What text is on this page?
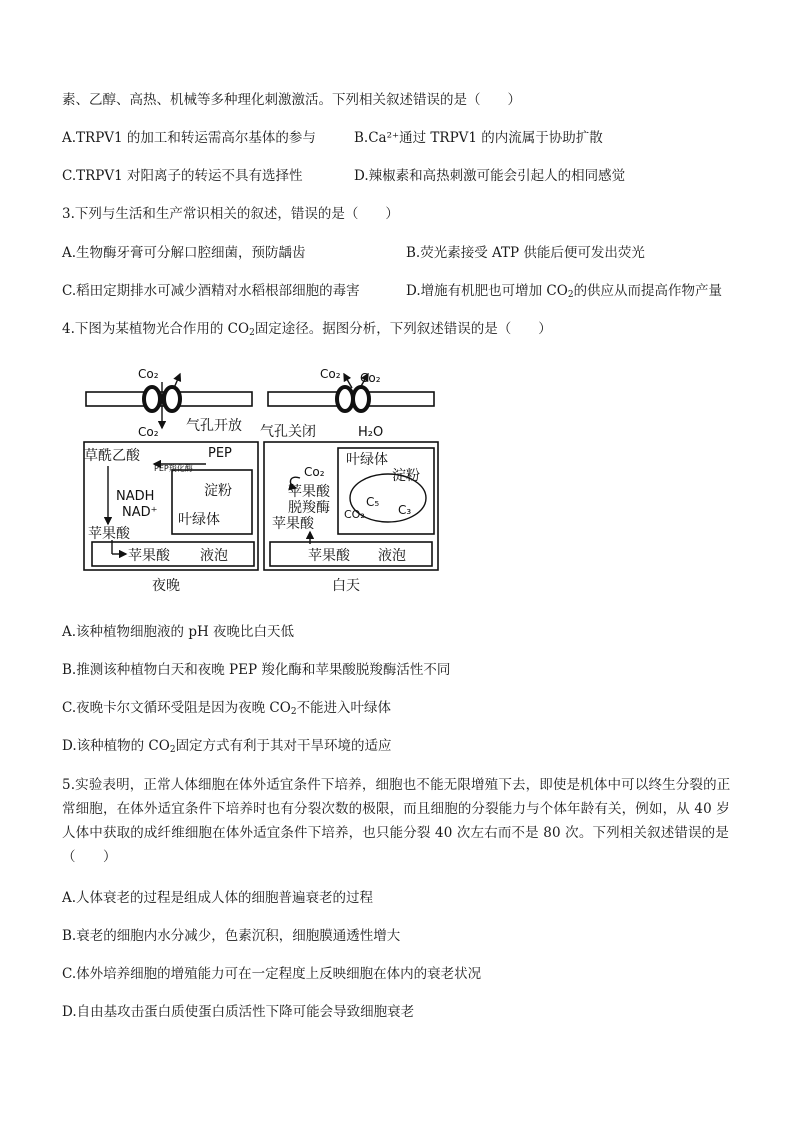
素、乙醇、高热、机械等多种理化刺激激活。下列相关叙述错误的是（　　）
A.TRPV1 的加工和转运需高尔基体的参与	B.Ca²⁺通过 TRPV1 的内流属于协助扩散
C.TRPV1 对阳离子的转运不具有选择性	D.辣椒素和高热刺激可能会引起人的相同感觉
3.下列与生活和生产常识相关的叙述，错误的是（　　）
A.生物酶牙膏可分解口腔细菌，预防龋齿	B.荧光素接受 ATP 供能后便可发出荧光
C.稻田定期排水可减少酒精对水稻根部细胞的毒害	D.增施有机肥也可增加 $CO_2$的供应从而提高作物产量
4.下图为某植物光合作用的 $CO_2$固定途径。据图分析，下列叙述错误的是（　　）
Co₂
Co₂ 气孔开放
Co₂ Co₂
气孔关闭	H₂O
草酰乙酸	PEP
PEP羧化酶
NADH
NAD⁺
淀粉
叶绿体
苹果酸
苹果酸 液泡
夜晚
Co₂
叶绿体
淀粉
苹果酸
脱羧酶	C₅
C₃
CO₂
苹果酸
苹果酸 液泡
白天
A.该种植物细胞液的 pH 夜晚比白天低
B.推测该种植物白天和夜晚 PEP 羧化酶和苹果酸脱羧酶活性不同
C.夜晚卡尔文循环受阻是因为夜晚 $CO_2$不能进入叶绿体
D.该种植物的 $CO_2$固定方式有利于其对干旱环境的适应
5.实验表明，正常人体细胞在体外适宜条件下培养，细胞也不能无限增殖下去，即使是机体中可以终生分裂的正常细胞，在体外适宜条件下培养时也有分裂次数的极限，而且细胞的分裂能力与个体年龄有关，例如，从 40 岁人体中获取的成纤维细胞在体外适宜条件下培养，也只能分裂 40 次左右而不是 80 次。下列相关叙述错误的是（　　）
A.人体衰老的过程是组成人体的细胞普遍衰老的过程
B.衰老的细胞内水分减少，色素沉积，细胞膜通透性增大
C.体外培养细胞的增殖能力可在一定程度上反映细胞在体内的衰老状况
D.自由基攻击蛋白质使蛋白质活性下降可能会导致细胞衰老
